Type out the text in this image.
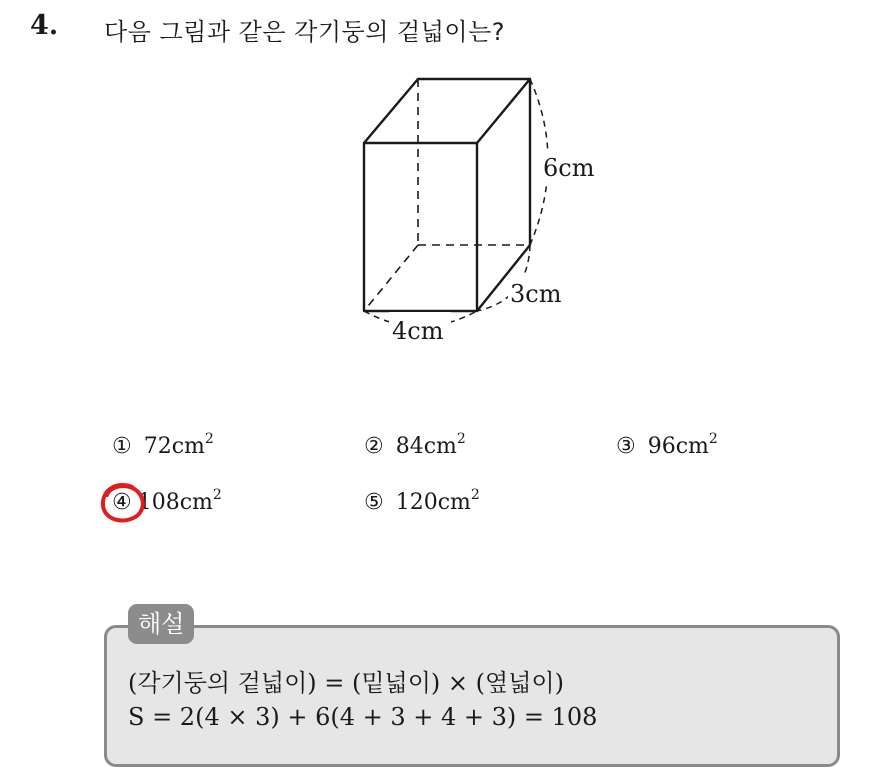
4. 다음 그림과 같은 각기둥의 겉넓이는?
6cm
3cm
4cm
① $72cm^2$	② $84cm^2$	③ $96cm^2$
④ $108cm^2$	⑤ $120cm^2$
해설
(각기둥의 겉넓이) = (밑넓이) × (옆넓이)
S = 2(4 × 3) + 6(4 + 3 + 4 + 3) = 108
